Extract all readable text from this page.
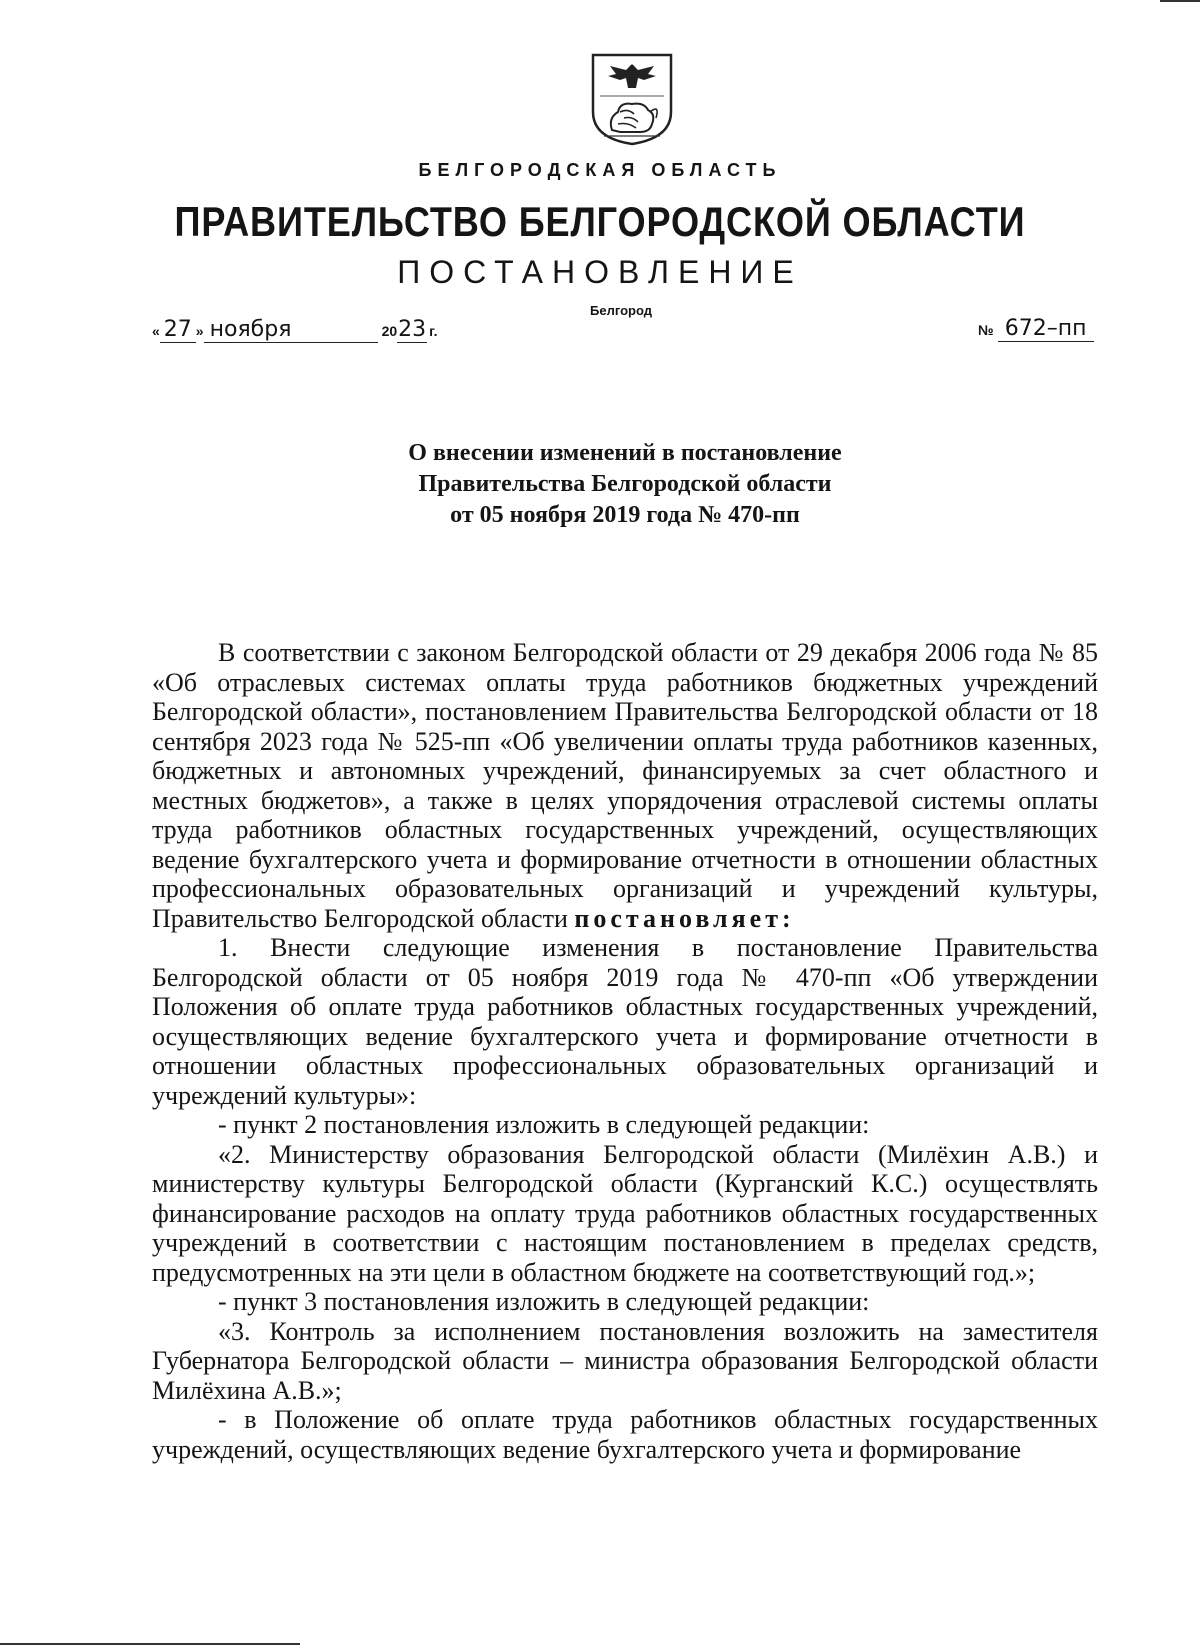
БЕЛГОРОДСКАЯ ОБЛАСТЬ
ПРАВИТЕЛЬСТВО БЕЛГОРОДСКОЙ ОБЛАСТИ
ПОСТАНОВЛЕНИЕ
Белгород
« 27 » ноября	2023 г.	№ 672–пп
О внесении изменений в постановление
Правительства Белгородской области
от 05 ноября 2019 года № 470-пп

В соответствии с законом Белгородской области от 29 декабря 2006 года № 85 «Об отраслевых системах оплаты труда работников бюджетных учреждений Белгородской области», постановлением Правительства Белгородской области от 18 сентября 2023 года № 525-пп «Об увеличении оплаты труда работников казенных, бюджетных и автономных учреждений, финансируемых за счет областного и местных бюджетов», а также в целях упорядочения отраслевой системы оплаты труда работников областных государственных учреждений, осуществляющих ведение бухгалтерского учета и формирование отчетности в отношении областных профессиональных образовательных организаций и учреждений культуры, Правительство Белгородской области постановляет:

1. Внести следующие изменения в постановление Правительства Белгородской области от 05 ноября 2019 года № 470-пп «Об утверждении Положения об оплате труда работников областных государственных учреждений, осуществляющих ведение бухгалтерского учета и формирование отчетности в отношении областных профессиональных образовательных организаций и учреждений культуры»:

- пункт 2 постановления изложить в следующей редакции:

«2. Министерству образования Белгородской области (Милёхин А.В.) и министерству культуры Белгородской области (Курганский К.С.) осуществлять финансирование расходов на оплату труда работников областных государственных учреждений в соответствии с настоящим постановлением в пределах средств, предусмотренных на эти цели в областном бюджете на соответствующий год.»;

- пункт 3 постановления изложить в следующей редакции:

«3. Контроль за исполнением постановления возложить на заместителя Губернатора Белгородской области – министра образования Белгородской области Милёхина А.В.»;

- в Положение об оплате труда работников областных государственных учреждений, осуществляющих ведение бухгалтерского учета и формирование
